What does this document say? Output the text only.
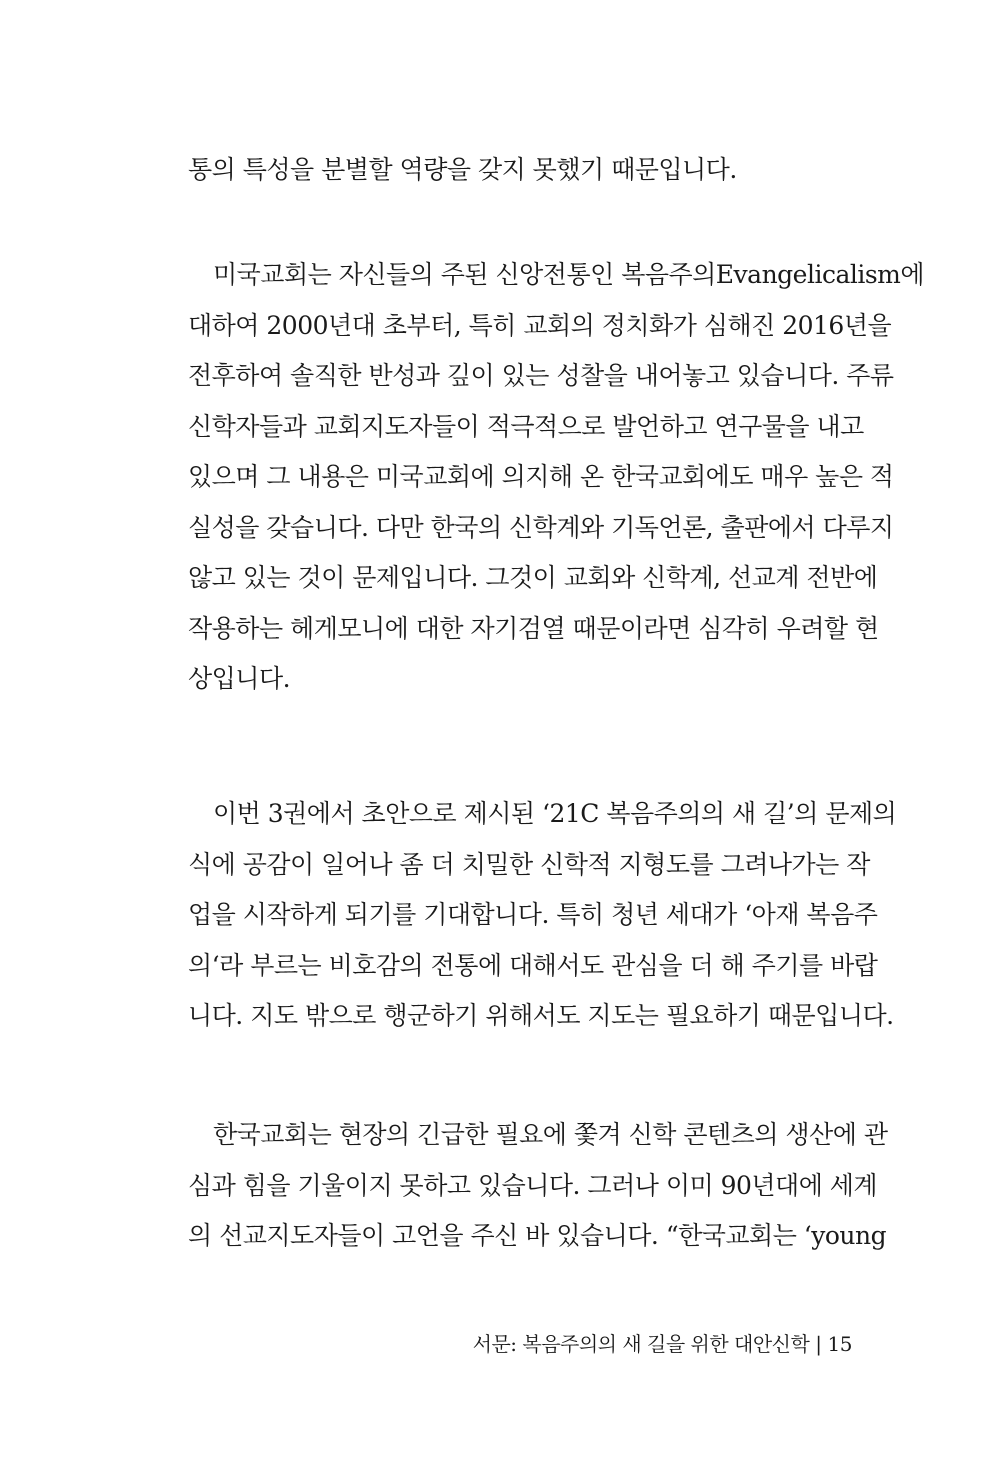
통의 특성을 분별할 역량을 갖지 못했기 때문입니다.
미국교회는 자신들의 주된 신앙전통인 복음주의Evangelicalism에
대하여 2000년대 초부터, 특히 교회의 정치화가 심해진 2016년을
전후하여 솔직한 반성과 깊이 있는 성찰을 내어놓고 있습니다. 주류
신학자들과 교회지도자들이 적극적으로 발언하고 연구물을 내고
있으며 그 내용은 미국교회에 의지해 온 한국교회에도 매우 높은 적
실성을 갖습니다. 다만 한국의 신학계와 기독언론, 출판에서 다루지
않고 있는 것이 문제입니다. 그것이 교회와 신학계, 선교계 전반에
작용하는 헤게모니에 대한 자기검열 때문이라면 심각히 우려할 현
상입니다.
이번 3권에서 초안으로 제시된 ‘21C 복음주의의 새 길’의 문제의
식에 공감이 일어나 좀 더 치밀한 신학적 지형도를 그려나가는 작
업을 시작하게 되기를 기대합니다. 특히 청년 세대가 ‘아재 복음주
의‘라 부르는 비호감의 전통에 대해서도 관심을 더 해 주기를 바랍
니다. 지도 밖으로 행군하기 위해서도 지도는 필요하기 때문입니다.
한국교회는 현장의 긴급한 필요에 쫓겨 신학 콘텐츠의 생산에 관
심과 힘을 기울이지 못하고 있습니다. 그러나 이미 90년대에 세계
의 선교지도자들이 고언을 주신 바 있습니다. “한국교회는 ‘young
서문: 복음주의의 새 길을 위한 대안신학 | 15
